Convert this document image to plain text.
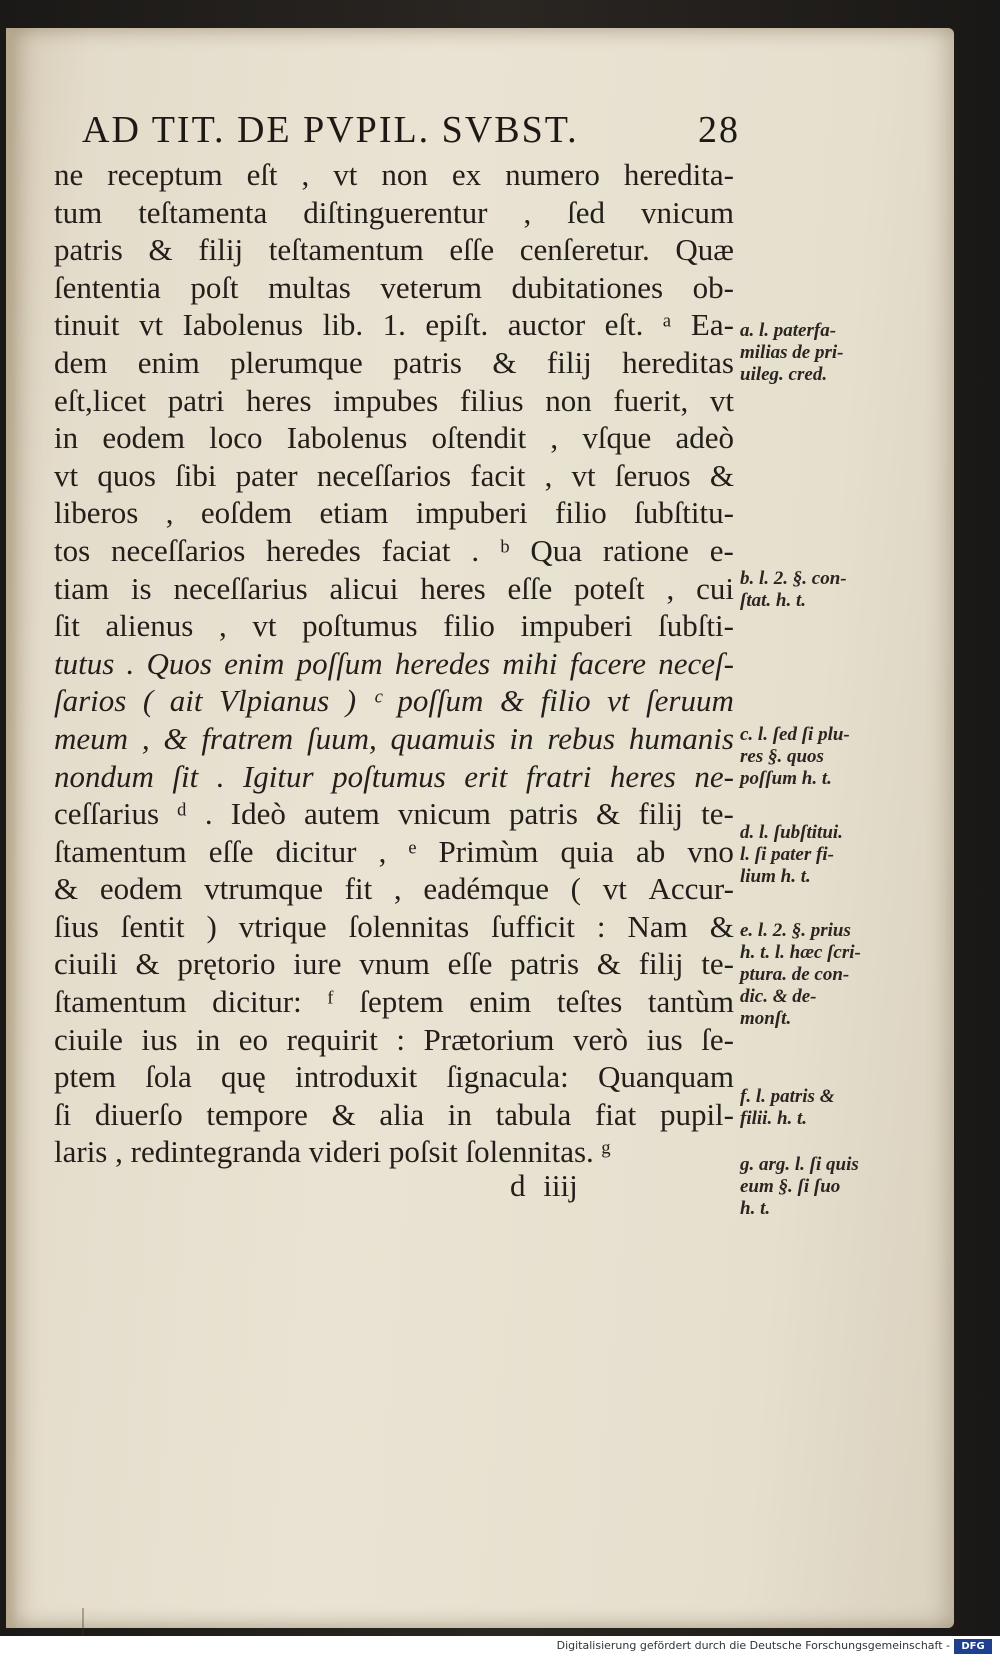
AD TIT. DE PVPIL. SVBST.	28
ne receptum eſt , vt non ex numero heredita-
tum teſtamenta diſtinguerentur , ſed vnicum
patris & filij teſtamentum eſſe cenſeretur. Quæ
ſententia poſt multas veterum dubitationes ob-
tinuit vt Iabolenus lib. 1. epiſt. auctor eſt. ᵃ Ea-
dem enim plerumque patris & filij hereditas
eſt,licet patri heres impubes filius non fuerit, vt
in eodem loco Iabolenus oſtendit , vſque adeò
vt quos ſibi pater neceſſarios facit , vt ſeruos &
liberos , eoſdem etiam impuberi filio ſubſtitu-
tos neceſſarios heredes faciat . ᵇ Qua ratione e-
tiam is neceſſarius alicui heres eſſe poteſt , cui
ſit alienus , vt poſtumus filio impuberi ſubſti-
tutus . Quos enim poſſum heredes mihi facere neceſ-
ſarios ( ait Vlpianus ) ᶜ poſſum & filio vt ſeruum
meum , & fratrem ſuum, quamuis in rebus humanis
nondum ſit . Igitur poſtumus erit fratri heres ne-
ceſſarius ᵈ . Ideò autem vnicum patris & filij te-
ſtamentum eſſe dicitur , ᵉ Primùm quia ab vno
& eodem vtrumque fit , eadémque ( vt Accur-
ſius ſentit ) vtrique ſolennitas ſufficit : Nam &
ciuili & prętorio iure vnum eſſe patris & filij te-
ſtamentum dicitur: ᶠ ſeptem enim teſtes tantùm
ciuile ius in eo requirit : Prætorium verò ius ſe-
ptem ſola quę introduxit ſignacula: Quanquam
ſi diuerſo tempore & alia in tabula fiat pupil-
laris , redintegranda videri poſsit ſolennitas. ᵍ
d iiij
a. l. paterfa-
milias de pri-
uileg. cred.
b. l. 2. §. con-
ſtat. h. t.
c. l. ſed ſi plu-
res §. quos
poſſum h. t.
d. l. ſubſtitui.
l. ſi pater fi-
lium h. t.
e. l. 2. §. prius
h. t. l. hæc ſcri-
ptura. de con-
dic. & de-
monſt.
f. l. patris &
filii. h. t.
g. arg. l. ſi quis
eum §. ſi ſuo
h. t.
Digitalisierung gefördert durch die Deutsche Forschungsgemeinschaft -	DFG
